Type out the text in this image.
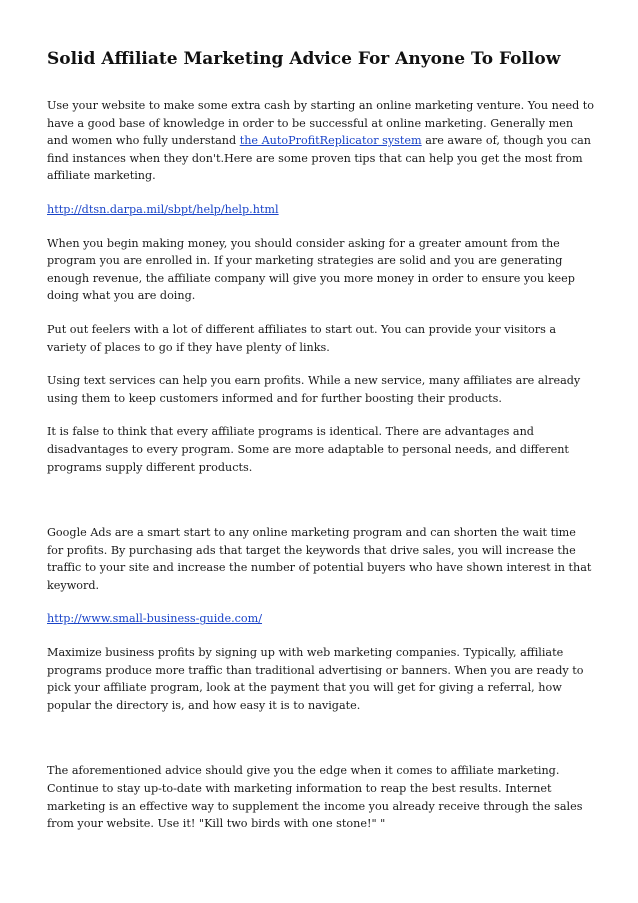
Solid Affiliate Marketing Advice For Anyone To Follow

Use your website to make some extra cash by starting an online marketing venture. You need to have a good base of knowledge in order to be successful at online marketing. Generally men and women who fully understand the AutoProfitReplicator system are aware of, though you can find instances when they don't.Here are some proven tips that can help you get the most from affiliate marketing.

http://dtsn.darpa.mil/sbpt/help/help.html

When you begin making money, you should consider asking for a greater amount from the program you are enrolled in. If your marketing strategies are solid and you are generating enough revenue, the affiliate company will give you more money in order to ensure you keep doing what you are doing.

Put out feelers with a lot of different affiliates to start out. You can provide your visitors a variety of places to go if they have plenty of links.

Using text services can help you earn profits. While a new service, many affiliates are already using them to keep customers informed and for further boosting their products.

It is false to think that every affiliate programs is identical. There are advantages and disadvantages to every program. Some are more adaptable to personal needs, and different programs supply different products.

Google Ads are a smart start to any online marketing program and can shorten the wait time for profits. By purchasing ads that target the keywords that drive sales, you will increase the traffic to your site and increase the number of potential buyers who have shown interest in that keyword.

http://www.small-business-guide.com/

Maximize business profits by signing up with web marketing companies. Typically, affiliate programs produce more traffic than traditional advertising or banners. When you are ready to pick your affiliate program, look at the payment that you will get for giving a referral, how popular the directory is, and how easy it is to navigate.

The aforementioned advice should give you the edge when it comes to affiliate marketing. Continue to stay up-to-date with marketing information to reap the best results. Internet marketing is an effective way to supplement the income you already receive through the sales from your website. Use it! "Kill two birds with one stone!" "
